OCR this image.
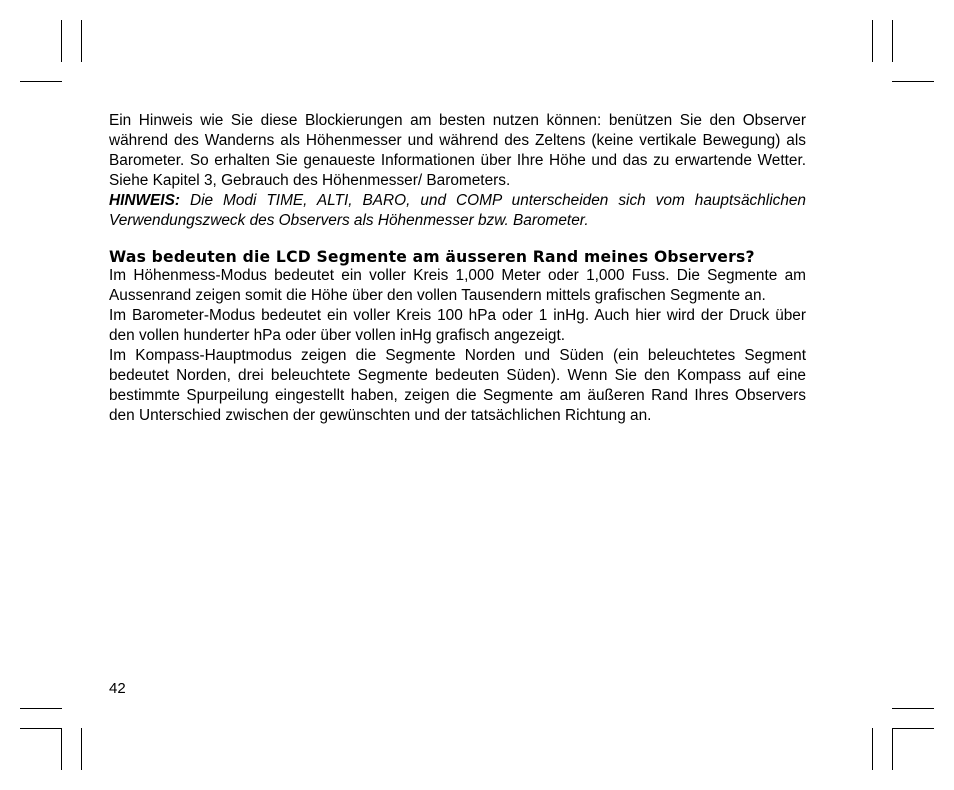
Ein Hinweis wie Sie diese Blockierungen am besten nutzen können: benützen Sie den Observer während des Wanderns als Höhenmesser und während des Zeltens (keine vertikale Bewegung) als Barometer. So erhalten Sie genaueste Informationen über Ihre Höhe und das zu erwartende Wetter. Siehe Kapitel 3, Gebrauch des Höhenmesser/ Barometers.

HINWEIS: Die Modi TIME, ALTI, BARO, und COMP unterscheiden sich vom hauptsächlichen Verwendungszweck des Observers als Höhenmesser bzw. Barometer.

Was bedeuten die LCD Segmente am äusseren Rand meines Observers?

Im Höhenmess-Modus bedeutet ein voller Kreis 1,000 Meter oder 1,000 Fuss. Die Segmente am Aussenrand zeigen somit die Höhe über den vollen Tausendern mittels grafischen Segmente an.

Im Barometer-Modus bedeutet ein voller Kreis 100 hPa oder 1 inHg. Auch hier wird der Druck über den vollen hunderter hPa oder über vollen inHg grafisch angezeigt.

Im Kompass-Hauptmodus zeigen die Segmente Norden und Süden (ein beleuchtetes Segment bedeutet Norden, drei beleuchtete Segmente bedeuten Süden). Wenn Sie den Kompass auf eine bestimmte Spurpeilung eingestellt haben, zeigen die Segmente am äußeren Rand Ihres Observers den Unterschied zwischen der gewünschten und der tatsächlichen Richtung an.

42
